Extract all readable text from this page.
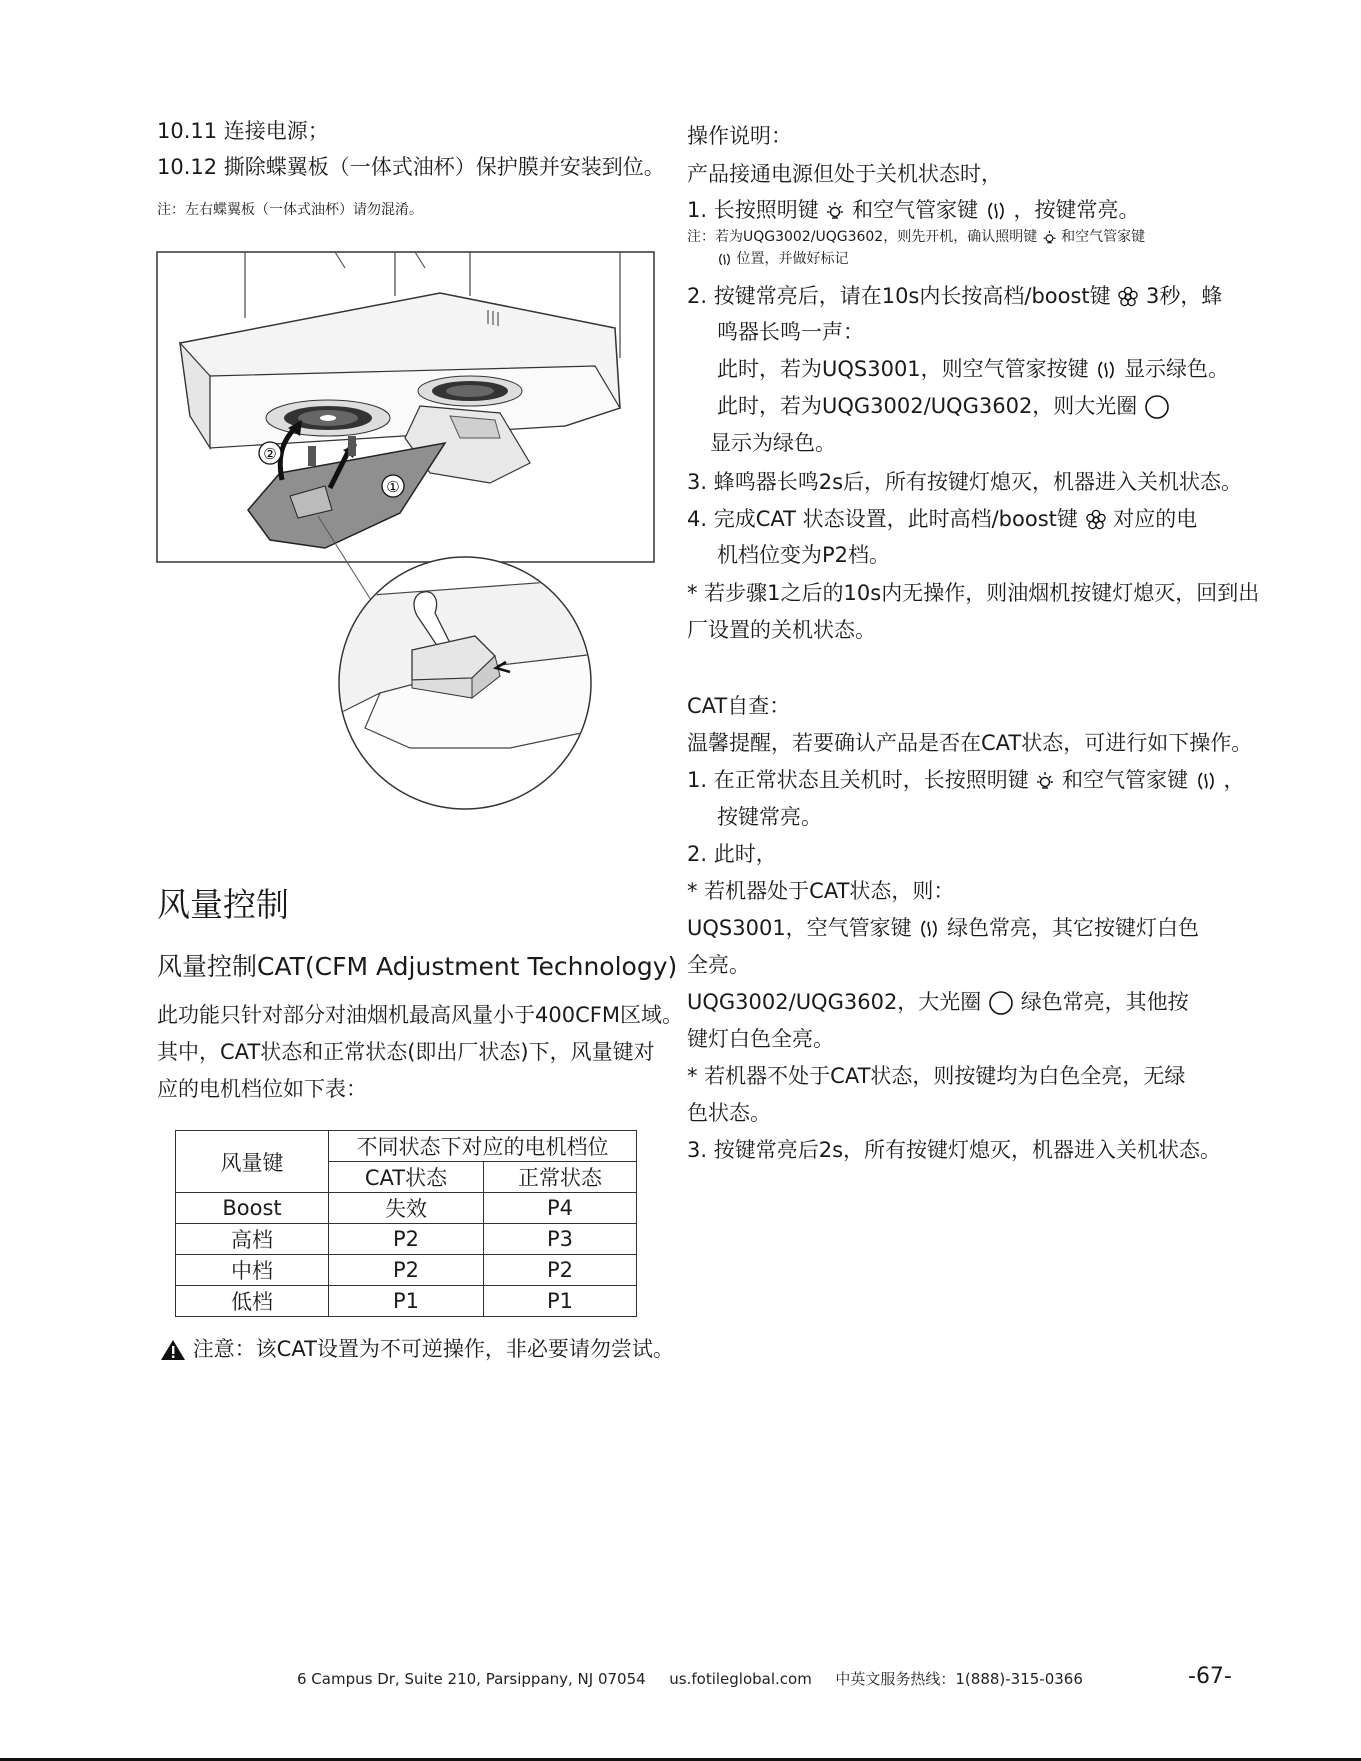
10.11 连接电源；
10.12 撕除蝶翼板（一体式油杯）保护膜并安装到位。
注：左右蝶翼板（一体式油杯）请勿混淆。
②
①
风量控制
风量控制CAT(CFM Adjustment Technology)
此功能只针对部分对油烟机最高风量小于400CFM区域。
其中，CAT状态和正常状态(即出厂状态)下，风量键对
应的电机档位如下表：
风量键	不同状态下对应的电机档位	
	CAT状态	正常状态
Boost	失效	P4
高档	P2	P3
中档	P2	P2
低档	P1	P1
注意：该CAT设置为不可逆操作，非必要请勿尝试。
操作说明：
产品接通电源但处于关机状态时，
1. 长按照明键 和空气管家键 ，按键常亮。
注：若为UQG3002/UQG3602，则先开机，确认照明键 和空气管家键
位置，并做好标记
2. 按键常亮后，请在10s内长按高档/boost键 3秒，蜂
鸣器长鸣一声：
此时，若为UQS3001，则空气管家按键 显示绿色。
此时，若为UQG3002/UQG3602，则大光圈
显示为绿色。
3. 蜂鸣器长鸣2s后，所有按键灯熄灭，机器进入关机状态。
4. 完成CAT 状态设置，此时高档/boost键 对应的电
机档位变为P2档。
* 若步骤1之后的10s内无操作，则油烟机按键灯熄灭，回到出
厂设置的关机状态。
CAT自查：
温馨提醒，若要确认产品是否在CAT状态，可进行如下操作。
1. 在正常状态且关机时，长按照明键 和空气管家键 ，
按键常亮。
2. 此时，
* 若机器处于CAT状态，则：
UQS3001，空气管家键 绿色常亮，其它按键灯白色
全亮。
UQG3002/UQG3602，大光圈 绿色常亮，其他按
键灯白色全亮。
* 若机器不处于CAT状态，则按键均为白色全亮，无绿
色状态。
3. 按键常亮后2s，所有按键灯熄灭，机器进入关机状态。
6 Campus Dr, Suite 210, Parsippany, NJ 07054 us.fotileglobal.com 中英文服务热线：1(888)-315-0366	-67-
